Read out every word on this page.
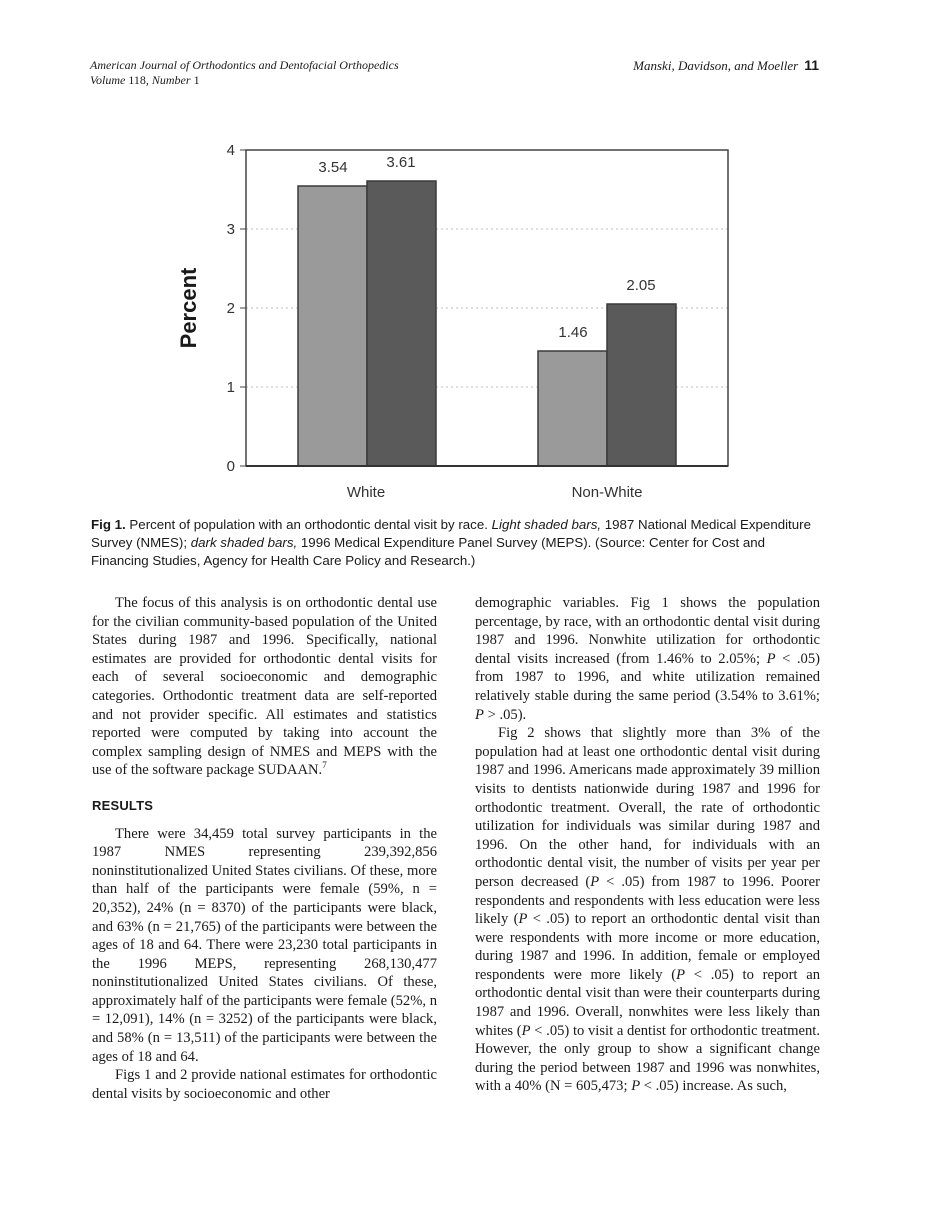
American Journal of Orthodontics and Dentofacial Orthopedics
Volume 118, Number 1
Manski, Davidson, and Moeller 11
4
3
2
1
0
Percent
3.54	3.61
1.46
2.05
White	Non-White
Fig 1. Percent of population with an orthodontic dental visit by race. Light shaded bars, 1987 National Medical Expenditure Survey (NMES); dark shaded bars, 1996 Medical Expenditure Panel Survey (MEPS). (Source: Center for Cost and Financing Studies, Agency for Health Care Policy and Research.)

The focus of this analysis is on orthodontic dental use for the civilian community-based population of the United States during 1987 and 1996. Specifically, national estimates are provided for orthodontic dental visits for each of several socioeconomic and demographic categories. Orthodontic treatment data are self-reported and not provider specific. All estimates and statistics reported were computed by taking into account the complex sampling design of NMES and MEPS with the use of the software package SUDAAN.$^7$

RESULTS

There were 34,459 total survey participants in the 1987 NMES representing 239,392,856 noninstitutionalized United States civilians. Of these, more than half of the participants were female (59%, n = 20,352), 24% (n = 8370) of the participants were black, and 63% (n = 21,765) of the participants were between the ages of 18 and 64. There were 23,230 total participants in the 1996 MEPS, representing 268,130,477 noninstitutionalized United States civilians. Of these, approximately half of the participants were female (52%, n = 12,091), 14% (n = 3252) of the participants were black, and 58% (n = 13,511) of the participants were between the ages of 18 and 64.

Figs 1 and 2 provide national estimates for orthodontic dental visits by socioeconomic and other

demographic variables. Fig 1 shows the population percentage, by race, with an orthodontic dental visit during 1987 and 1996. Nonwhite utilization for orthodontic dental visits increased (from 1.46% to 2.05%; P < .05) from 1987 to 1996, and white utilization remained relatively stable during the same period (3.54% to 3.61%; P > .05).

Fig 2 shows that slightly more than 3% of the population had at least one orthodontic dental visit during 1987 and 1996. Americans made approximately 39 million visits to dentists nationwide during 1987 and 1996 for orthodontic treatment. Overall, the rate of orthodontic utilization for individuals was similar during 1987 and 1996. On the other hand, for individuals with an orthodontic dental visit, the number of visits per year per person decreased (P < .05) from 1987 to 1996. Poorer respondents and respondents with less education were less likely (P < .05) to report an orthodontic dental visit than were respondents with more income or more education, during 1987 and 1996. In addition, female or employed respondents were more likely (P < .05) to report an orthodontic dental visit than were their counterparts during 1987 and 1996. Overall, nonwhites were less likely than whites (P < .05) to visit a dentist for orthodontic treatment. However, the only group to show a significant change during the period between 1987 and 1996 was nonwhites, with a 40% (N = 605,473; P < .05) increase. As such,
